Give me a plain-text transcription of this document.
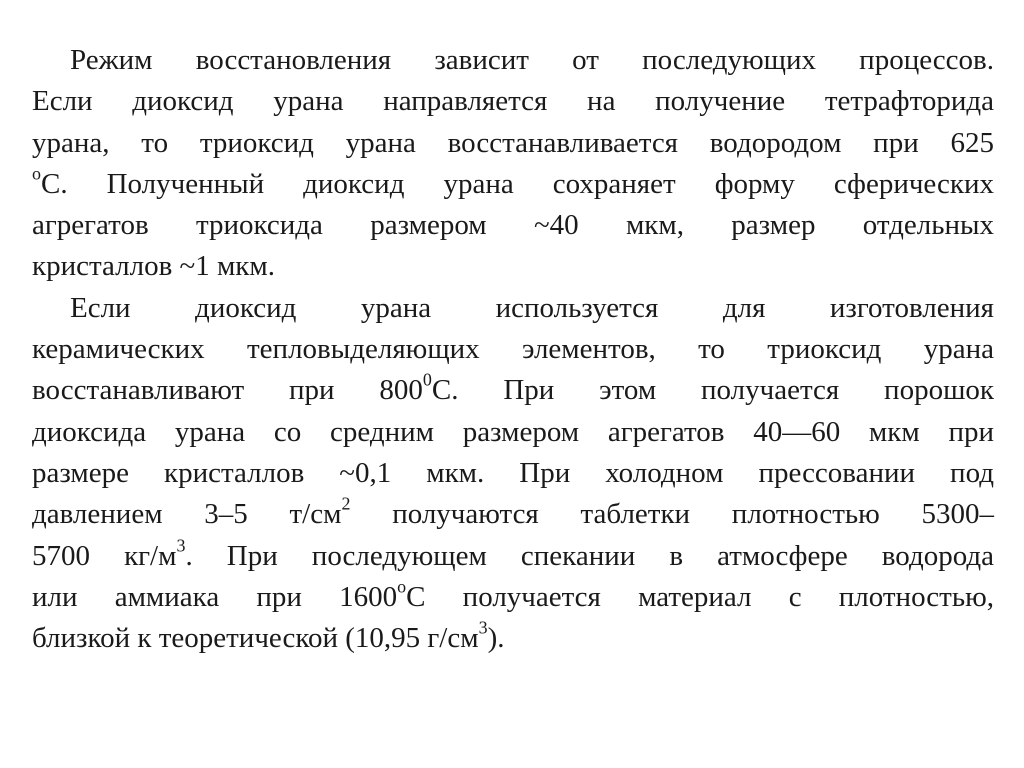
Режим восстановления зависит от последующих процессов.
Если диоксид урана направляется на получение тетрафторида
урана, то триоксид урана восстанавливается водородом при 625
$^о$С. Полученный диоксид урана сохраняет форму сферических
агрегатов триоксида размером ~40 мкм, размер отдельных
кристаллов ~1 мкм.

Если диоксид урана используется для изготовления
керамических тепловыделяющих элементов, то триоксид урана
восстанавливают при $800^0С$. При этом получается порошок
диоксида урана со средним размером агрегатов 40—60 мкм при
размере кристаллов ~0,1 мкм. При холодном прессовании под
давлением 3–5 $т/см^2$ получаются таблетки плотностью 5300–
5700 $кг/м^3$. При последующем спекании в атмосфере водорода
или аммиака при $1600^оС$ получается материал с плотностью,
близкой к теоретической (10,95 $г/см^3$).
